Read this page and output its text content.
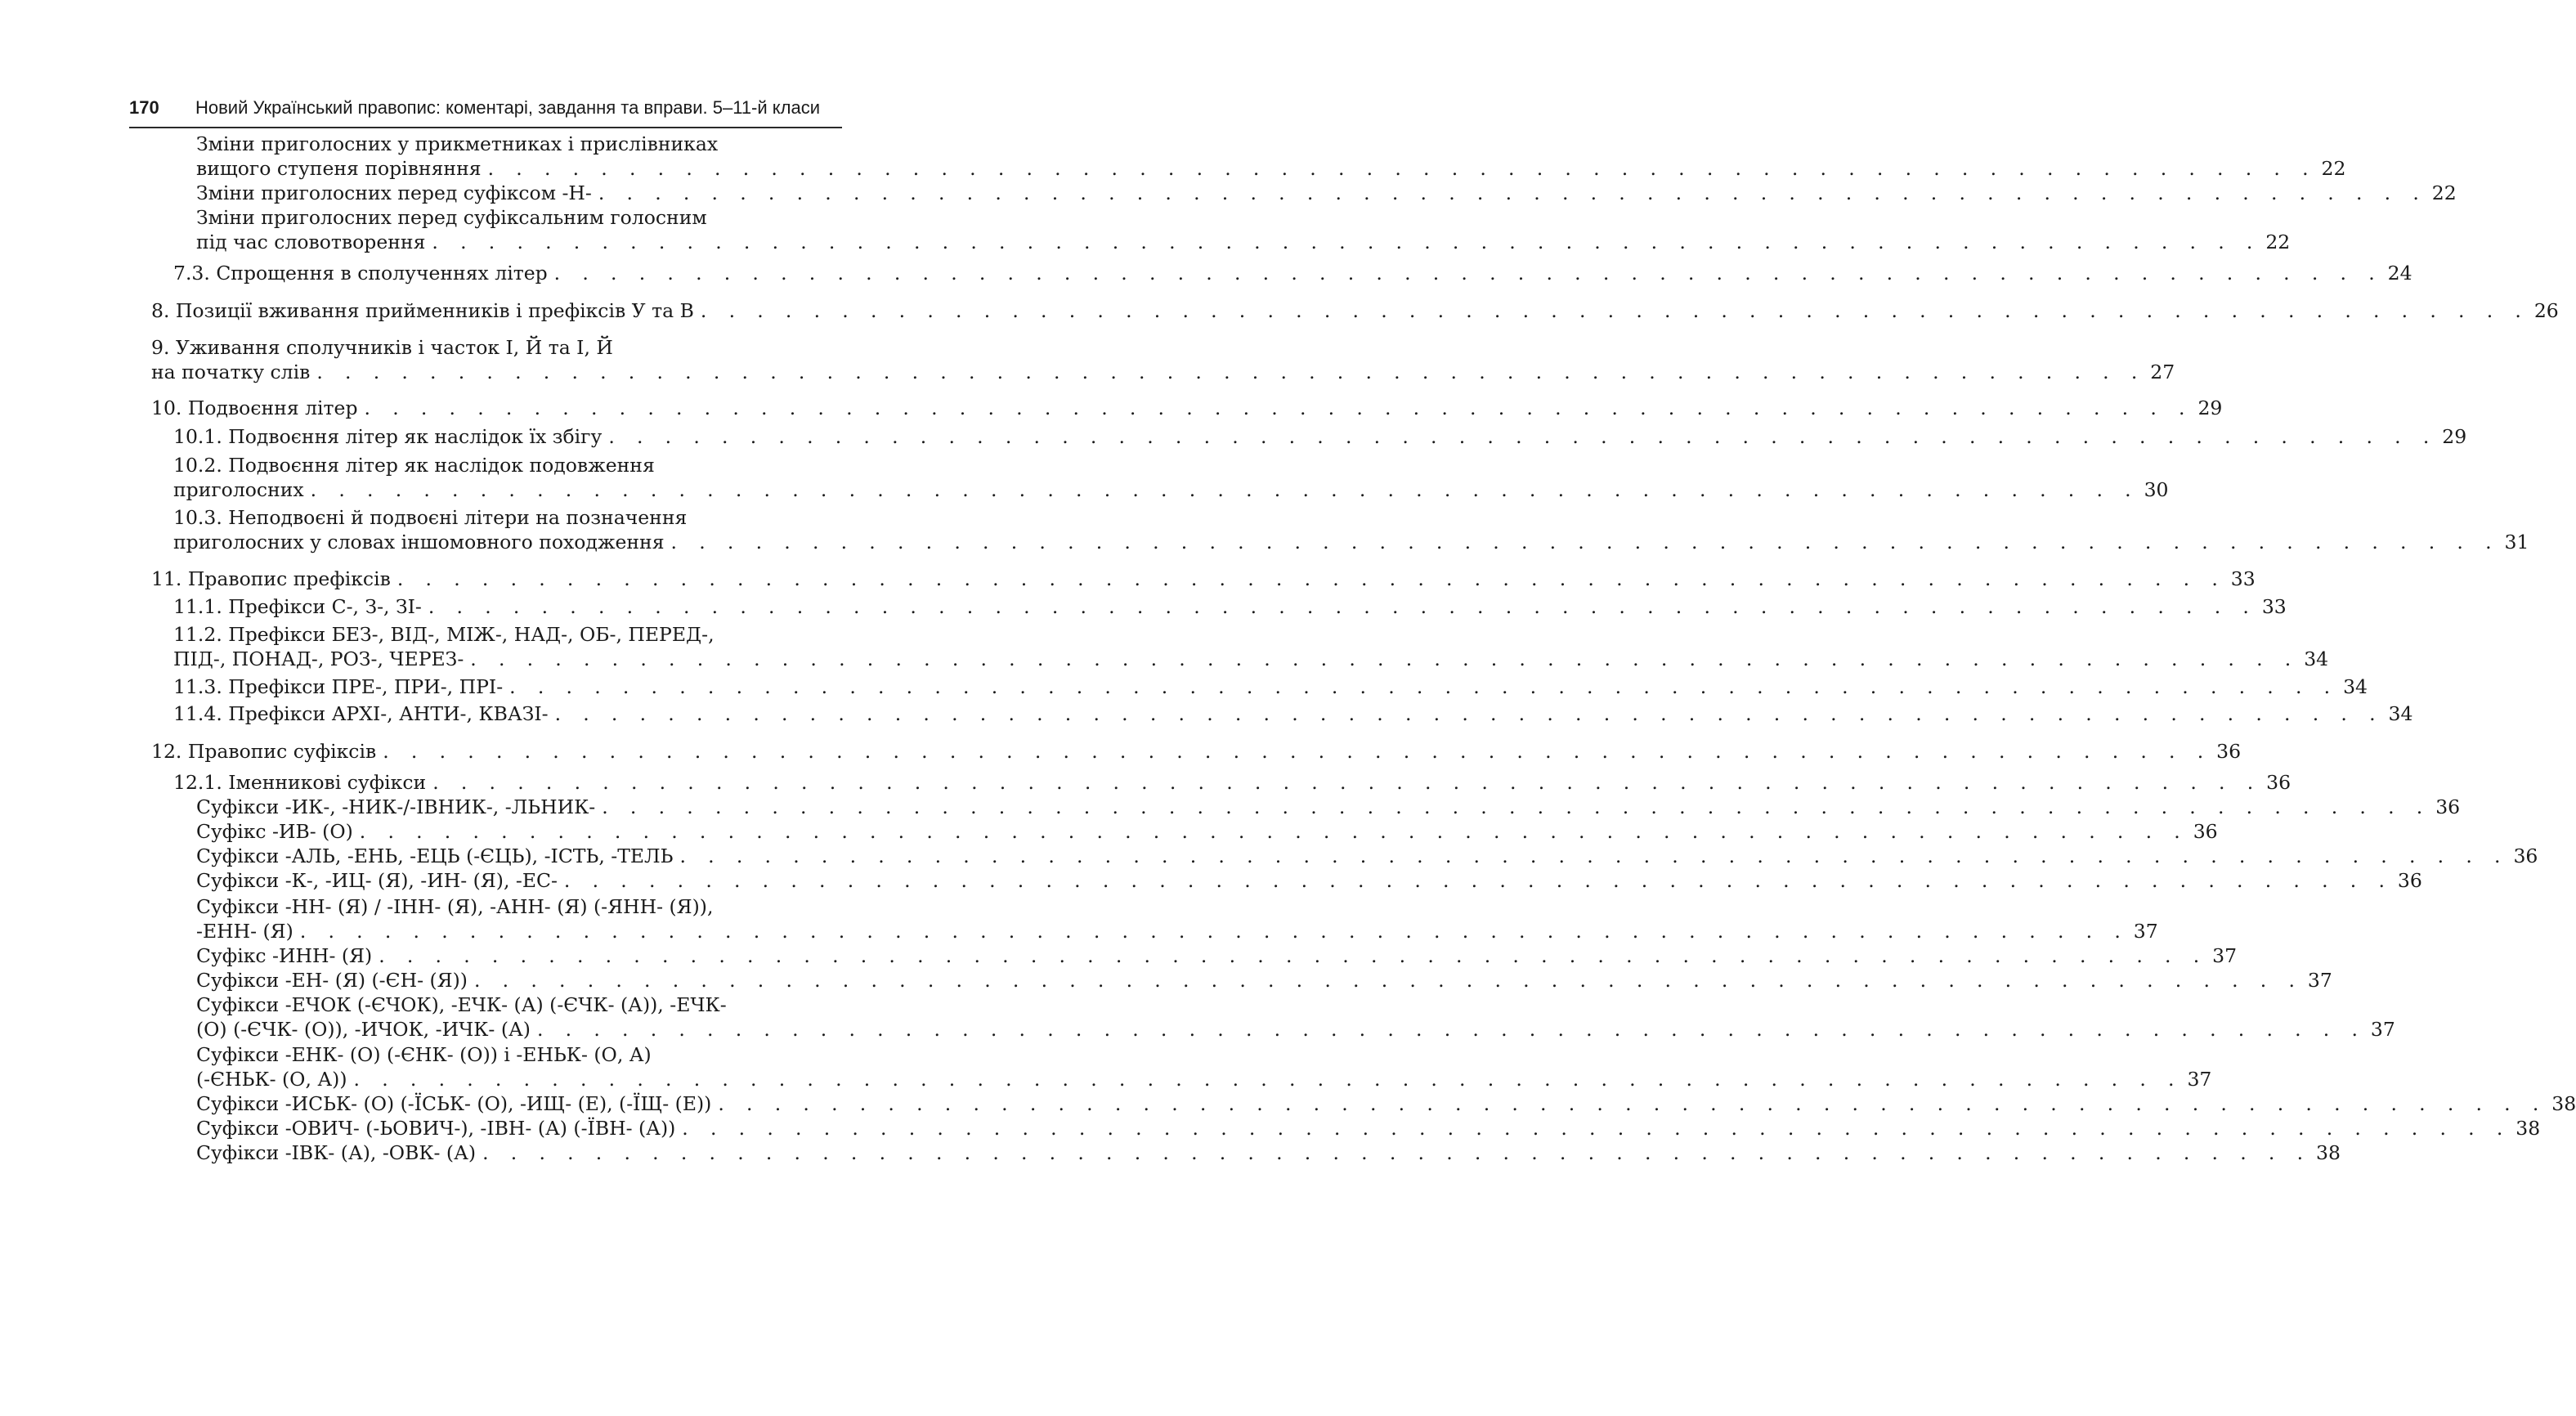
170 Новий Український правопис: коментарі, завдання та вправи. 5–11-й класи
Зміни приголосних у прикметниках і прислівниках
вищого ступеня порівняння . . . . . . . . . . . . . . . . . . . . . . . . . . . . . . . . . . . . . . . . . . . . . . . . . . . . . . . . . . . . . . . . . 22
Зміни приголосних перед суфіксом -Н- . . . . . . . . . . . . . . . . . . . . . . . . . . . . . . . . . . . . . . . . . . . . . . . . . . . . . . . . . . . . . . . . . 22
Зміни приголосних перед суфіксальним голосним
під час словотворення . . . . . . . . . . . . . . . . . . . . . . . . . . . . . . . . . . . . . . . . . . . . . . . . . . . . . . . . . . . . . . . . . 22
7.3. Спрощення в сполученнях літер . . . . . . . . . . . . . . . . . . . . . . . . . . . . . . . . . . . . . . . . . . . . . . . . . . . . . . . . . . . . . . . . . 24
8. Позиції вживання прийменників і префіксів У та В . . . . . . . . . . . . . . . . . . . . . . . . . . . . . . . . . . . . . . . . . . . . . . . . . . . . . . . . . . . . . . . . . 26
9. Уживання сполучників і часток І, Й та І, Й
на початку слів . . . . . . . . . . . . . . . . . . . . . . . . . . . . . . . . . . . . . . . . . . . . . . . . . . . . . . . . . . . . . . . . . 27
10. Подвоєння літер . . . . . . . . . . . . . . . . . . . . . . . . . . . . . . . . . . . . . . . . . . . . . . . . . . . . . . . . . . . . . . . . . 29
10.1. Подвоєння літер як наслідок їх збігу . . . . . . . . . . . . . . . . . . . . . . . . . . . . . . . . . . . . . . . . . . . . . . . . . . . . . . . . . . . . . . . . . 29
10.2. Подвоєння літер як наслідок подовження
приголосних . . . . . . . . . . . . . . . . . . . . . . . . . . . . . . . . . . . . . . . . . . . . . . . . . . . . . . . . . . . . . . . . . 30
10.3. Неподвоєні й подвоєні літери на позначення
приголосних у словах іншомовного походження . . . . . . . . . . . . . . . . . . . . . . . . . . . . . . . . . . . . . . . . . . . . . . . . . . . . . . . . . . . . . . . . . 31
11. Правопис префіксів . . . . . . . . . . . . . . . . . . . . . . . . . . . . . . . . . . . . . . . . . . . . . . . . . . . . . . . . . . . . . . . . . 33
11.1. Префікси С-, З-, ЗІ- . . . . . . . . . . . . . . . . . . . . . . . . . . . . . . . . . . . . . . . . . . . . . . . . . . . . . . . . . . . . . . . . . 33
11.2. Префікси БЕЗ-, ВІД-, МІЖ-, НАД-, ОБ-, ПЕРЕД-,
ПІД-, ПОНАД-, РОЗ-, ЧЕРЕЗ- . . . . . . . . . . . . . . . . . . . . . . . . . . . . . . . . . . . . . . . . . . . . . . . . . . . . . . . . . . . . . . . . . 34
11.3. Префікси ПРЕ-, ПРИ-, ПРІ- . . . . . . . . . . . . . . . . . . . . . . . . . . . . . . . . . . . . . . . . . . . . . . . . . . . . . . . . . . . . . . . . . 34
11.4. Префікси АРХІ-, АНТИ-, КВАЗІ- . . . . . . . . . . . . . . . . . . . . . . . . . . . . . . . . . . . . . . . . . . . . . . . . . . . . . . . . . . . . . . . . . 34
12. Правопис суфіксів . . . . . . . . . . . . . . . . . . . . . . . . . . . . . . . . . . . . . . . . . . . . . . . . . . . . . . . . . . . . . . . . . 36
12.1. Іменникові суфікси . . . . . . . . . . . . . . . . . . . . . . . . . . . . . . . . . . . . . . . . . . . . . . . . . . . . . . . . . . . . . . . . . 36
Суфікси -ИК-, -НИК-/-ІВНИК-, -ЛЬНИК- . . . . . . . . . . . . . . . . . . . . . . . . . . . . . . . . . . . . . . . . . . . . . . . . . . . . . . . . . . . . . . . . . 36
Суфікс -ИВ- (О) . . . . . . . . . . . . . . . . . . . . . . . . . . . . . . . . . . . . . . . . . . . . . . . . . . . . . . . . . . . . . . . . . 36
Суфікси -АЛЬ, -ЕНЬ, -ЕЦЬ (-ЄЦЬ), -ІСТЬ, -ТЕЛЬ . . . . . . . . . . . . . . . . . . . . . . . . . . . . . . . . . . . . . . . . . . . . . . . . . . . . . . . . . . . . . . . . . 36
Суфікси -К-, -ИЦ- (Я), -ИН- (Я), -ЕС- . . . . . . . . . . . . . . . . . . . . . . . . . . . . . . . . . . . . . . . . . . . . . . . . . . . . . . . . . . . . . . . . . 36
Суфікси -НН- (Я) / -ІНН- (Я), -АНН- (Я) (-ЯНН- (Я)),
-ЕНН- (Я) . . . . . . . . . . . . . . . . . . . . . . . . . . . . . . . . . . . . . . . . . . . . . . . . . . . . . . . . . . . . . . . . . 37
Суфікс -ИНН- (Я) . . . . . . . . . . . . . . . . . . . . . . . . . . . . . . . . . . . . . . . . . . . . . . . . . . . . . . . . . . . . . . . . . 37
Суфікси -ЕН- (Я) (-ЄН- (Я)) . . . . . . . . . . . . . . . . . . . . . . . . . . . . . . . . . . . . . . . . . . . . . . . . . . . . . . . . . . . . . . . . . 37
Суфікси -ЕЧОК (-ЄЧОК), -ЕЧК- (А) (-ЄЧК- (А)), -ЕЧК-
(О) (-ЄЧК- (О)), -ИЧОК, -ИЧК- (А) . . . . . . . . . . . . . . . . . . . . . . . . . . . . . . . . . . . . . . . . . . . . . . . . . . . . . . . . . . . . . . . . . 37
Суфікси -ЕНК- (О) (-ЄНК- (О)) і -ЕНЬК- (О, А)
(-ЄНЬК- (О, А)) . . . . . . . . . . . . . . . . . . . . . . . . . . . . . . . . . . . . . . . . . . . . . . . . . . . . . . . . . . . . . . . . . 37
Суфікси -ИСЬК- (О) (-ЇСЬК- (О), -ИЩ- (Е), (-ЇЩ- (Е)) . . . . . . . . . . . . . . . . . . . . . . . . . . . . . . . . . . . . . . . . . . . . . . . . . . . . . . . . . . . . . . . . . 38
Суфікси -ОВИЧ- (-ЬОВИЧ-), -ІВН- (А) (-ЇВН- (А)) . . . . . . . . . . . . . . . . . . . . . . . . . . . . . . . . . . . . . . . . . . . . . . . . . . . . . . . . . . . . . . . . . 38
Суфікси -ІВК- (А), -ОВК- (А) . . . . . . . . . . . . . . . . . . . . . . . . . . . . . . . . . . . . . . . . . . . . . . . . . . . . . . . . . . . . . . . . . 38
